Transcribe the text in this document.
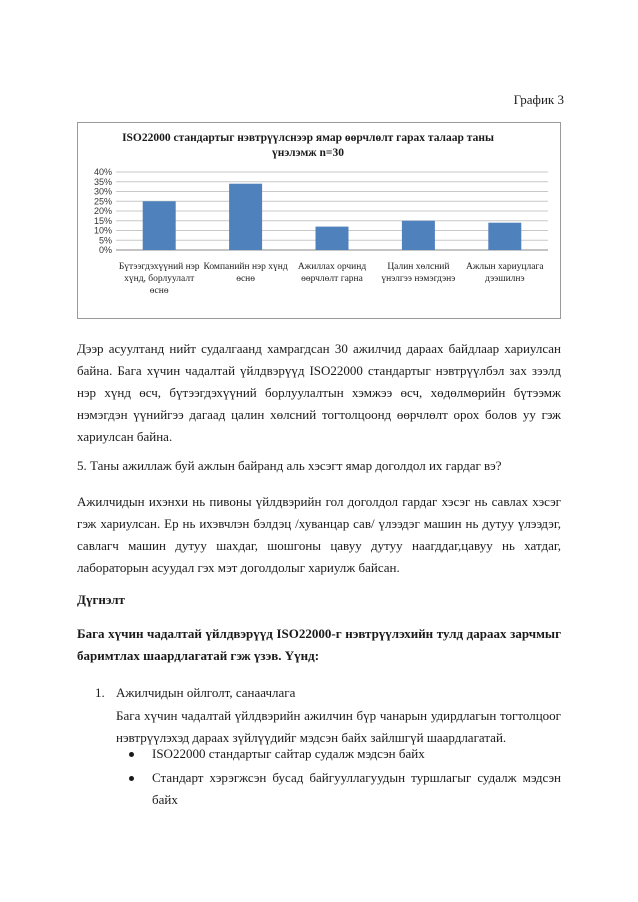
График 3
ISO22000 стандартыг нэвтрүүлснээр ямар өөрчлөлт гарах талаар таны үнэлэмж n=30
0%
5%
10%
15%
20%
25%
30%
35%
40%
Бүтээгдэхүүний нэр хүнд, борлуулалт өснө
Компанийн нэр хүнд өснө
Ажиллах орчинд өөрчлөлт гарна
Цалин хөлсний үнэлгээ нэмэгдэнэ
Ажлын хариуцлага дээшилнэ

Дээр асуултанд нийт судалгаанд хамрагдсан 30 ажилчид дараах байдлаар хариулсан байна. Бага хүчин чадалтай үйлдвэрүүд ISO22000 стандартыг нэвтрүүлбэл зах зээлд нэр хүнд өсч, бүтээгдэхүүний борлуулалтын хэмжээ өсч, хөдөлмөрийн бүтээмж нэмэгдэн үүнийгээ дагаад цалин хөлсний тогтолцоонд өөрчлөлт орох болов уу гэж хариулсан байна.

5. Таны ажиллаж буй ажлын байранд аль хэсэгт ямар доголдол их гардаг вэ?

Ажилчидын ихэнхи нь пивоны үйлдвэрийн гол доголдол гардаг хэсэг нь савлах хэсэг гэж хариулсан. Ер нь ихэвчлэн бэлдэц /хуванцар сав/ үлээдэг машин нь дутуу үлээдэг, савлагч машин дутуу шахдаг, шошгоны цавуу дутуу наагддаг,цавуу нь хатдаг, лабораторын асуудал гэх мэт доголдолыг хариулж байсан.

Дүгнэлт

Бага хүчин чадалтай үйлдвэрүүд ISO22000-г нэвтрүүлэхийн тулд дараах зарчмыг баримтлах шаардлагатай гэж үзэв. Үүнд:

1. Ажилчидын ойлголт, санаачлага

Бага хүчин чадалтай үйлдвэрийн ажилчин бүр чанарын удирдлагын тогтолцоог нэвтрүүлэхэд дараах зүйлүүдийг мэдсэн байх зайлшгүй шаардлагатай.

ISO22000 стандартыг сайтар судалж мэдсэн байх

Стандарт хэрэгжсэн бусад байгууллагуудын туршлагыг судалж мэдсэн байх
